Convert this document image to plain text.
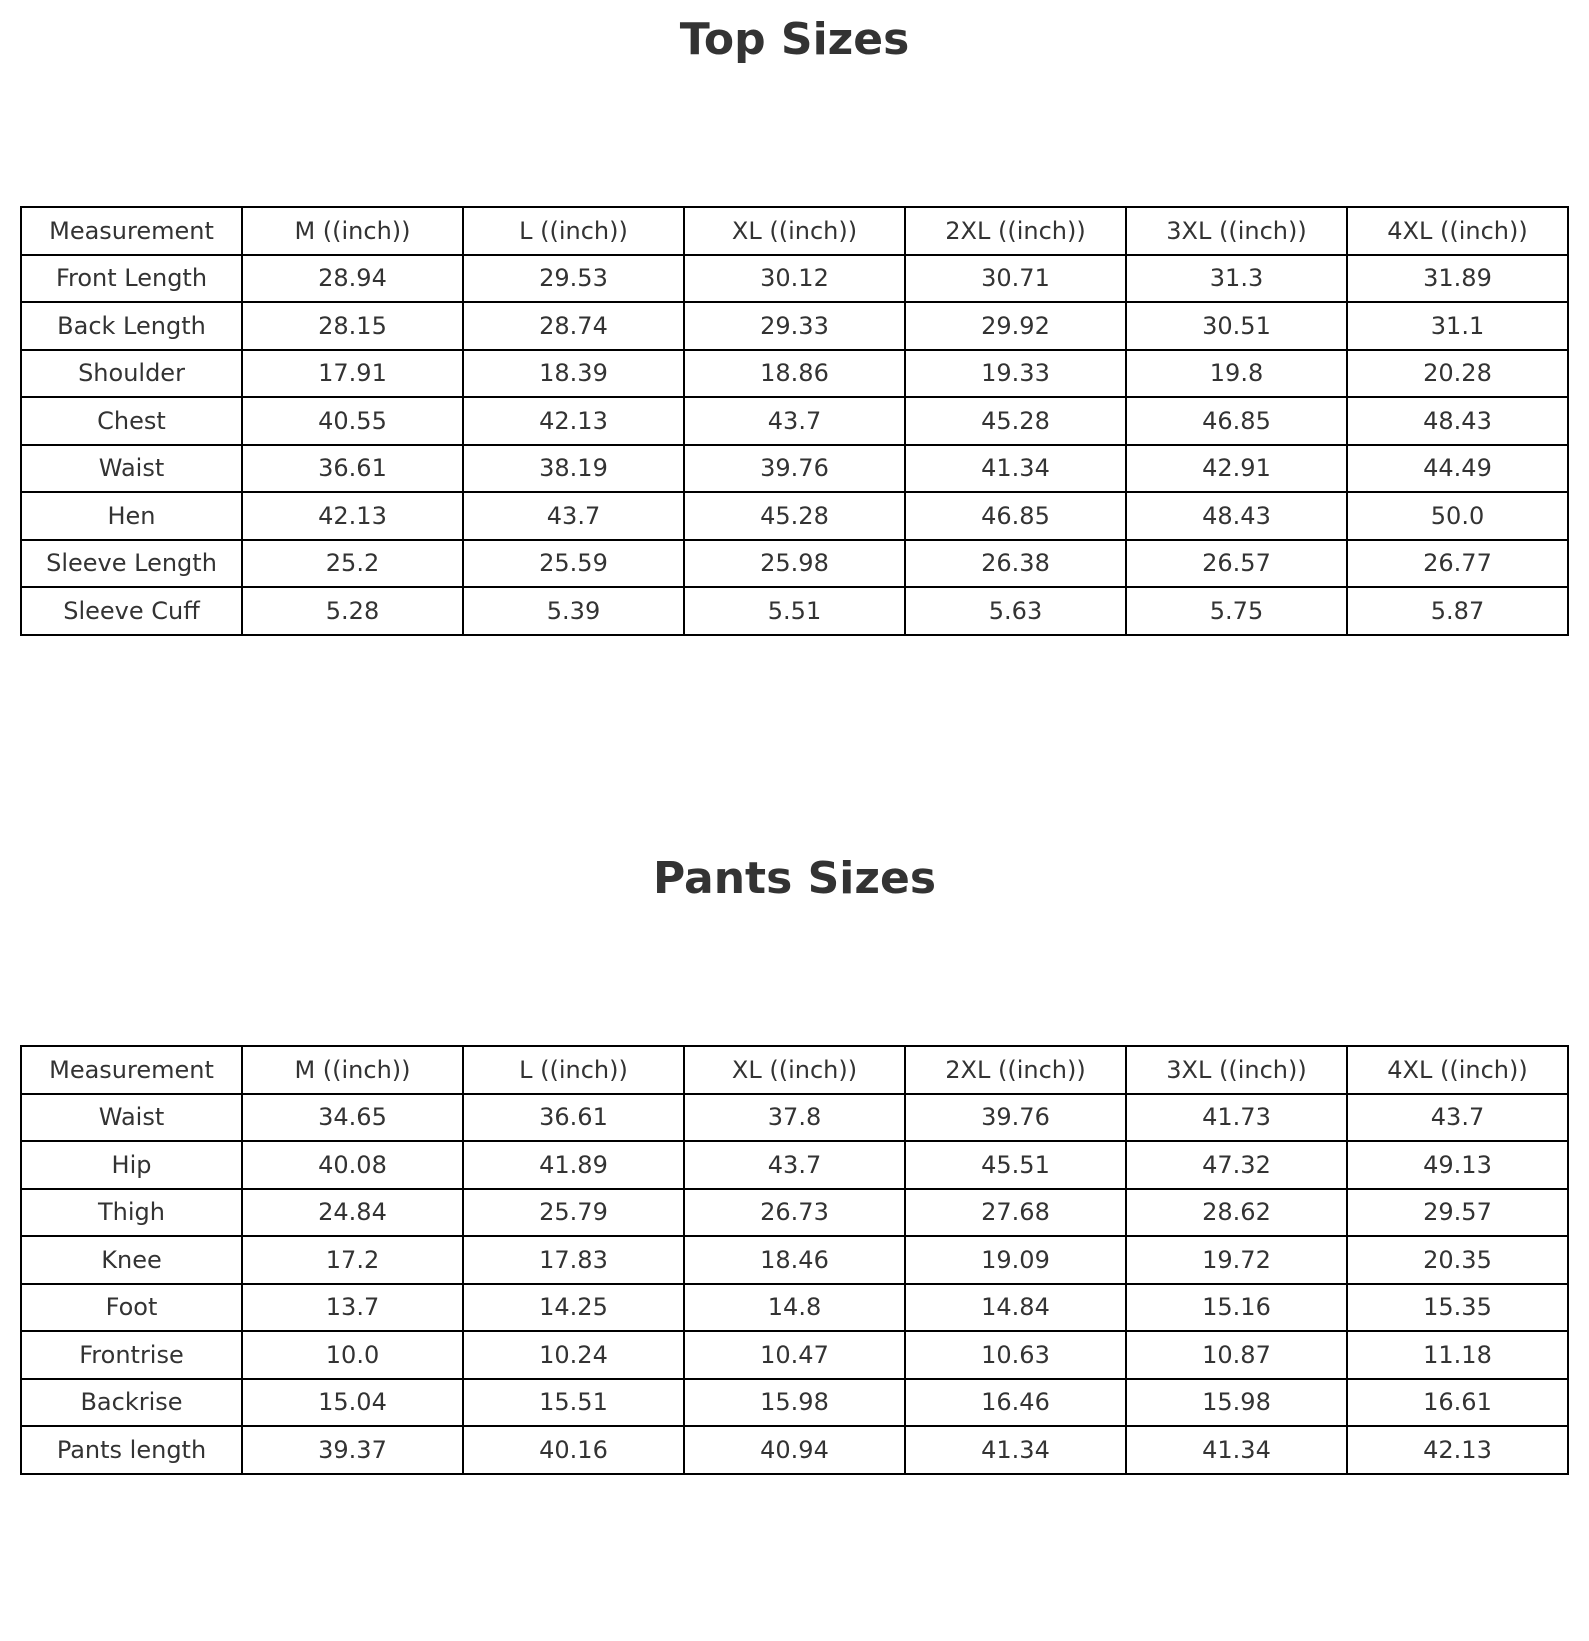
Top Sizes
Measurement	M ((inch))	L ((inch))	XL ((inch))	2XL ((inch))	3XL ((inch))	4XL ((inch))
Front Length	28.94	29.53	30.12	30.71	31.3	31.89
Back Length	28.15	28.74	29.33	29.92	30.51	31.1
Shoulder	17.91	18.39	18.86	19.33	19.8	20.28
Chest	40.55	42.13	43.7	45.28	46.85	48.43
Waist	36.61	38.19	39.76	41.34	42.91	44.49
Hen	42.13	43.7	45.28	46.85	48.43	50.0
Sleeve Length	25.2	25.59	25.98	26.38	26.57	26.77
Sleeve Cuff	5.28	5.39	5.51	5.63	5.75	5.87
Pants Sizes
Measurement	M ((inch))	L ((inch))	XL ((inch))	2XL ((inch))	3XL ((inch))	4XL ((inch))
Waist	34.65	36.61	37.8	39.76	41.73	43.7
Hip	40.08	41.89	43.7	45.51	47.32	49.13
Thigh	24.84	25.79	26.73	27.68	28.62	29.57
Knee	17.2	17.83	18.46	19.09	19.72	20.35
Foot	13.7	14.25	14.8	14.84	15.16	15.35
Frontrise	10.0	10.24	10.47	10.63	10.87	11.18
Backrise	15.04	15.51	15.98	16.46	15.98	16.61
Pants length	39.37	40.16	40.94	41.34	41.34	42.13
